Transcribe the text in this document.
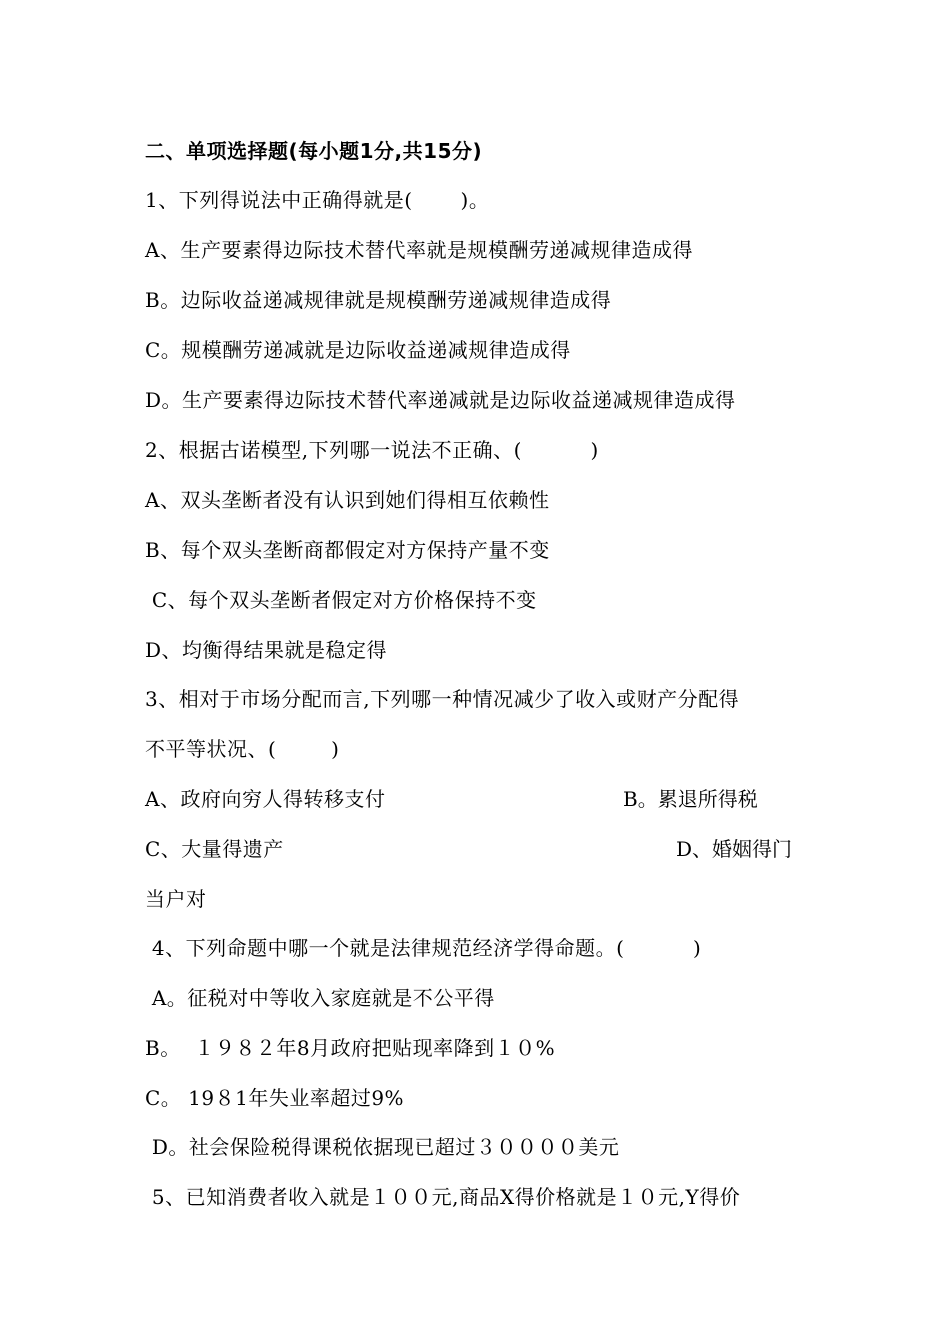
二、单项选择题(每小题1分,共15分)
1、下列得说法中正确得就是(       )。
A、生产要素得边际技术替代率就是规模酬劳递减规律造成得
B。边际收益递减规律就是规模酬劳递减规律造成得
C。规模酬劳递减就是边际收益递减规律造成得
D。生产要素得边际技术替代率递减就是边际收益递减规律造成得
2、根据古诺模型,下列哪一说法不正确、(          )
A、双头垄断者没有认识到她们得相互依赖性
B、每个双头垄断商都假定对方保持产量不变
C、每个双头垄断者假定对方价格保持不变
D、均衡得结果就是稳定得
3、相对于市场分配而言,下列哪一种情况减少了收入或财产分配得
不平等状况、(        )
A、政府向穷人得转移支付	B。累退所得税
C、大量得遗产	D、婚姻得门
当户对
4、下列命题中哪一个就是法律规范经济学得命题。(          )
A。征税对中等收入家庭就是不公平得
B。  １９８２年8月政府把贴现率降到１０%
C。 19８1年失业率超过9%
D。社会保险税得课税依据现已超过３００００美元
5、已知消费者收入就是１００元,商品X得价格就是１０元,Y得价
